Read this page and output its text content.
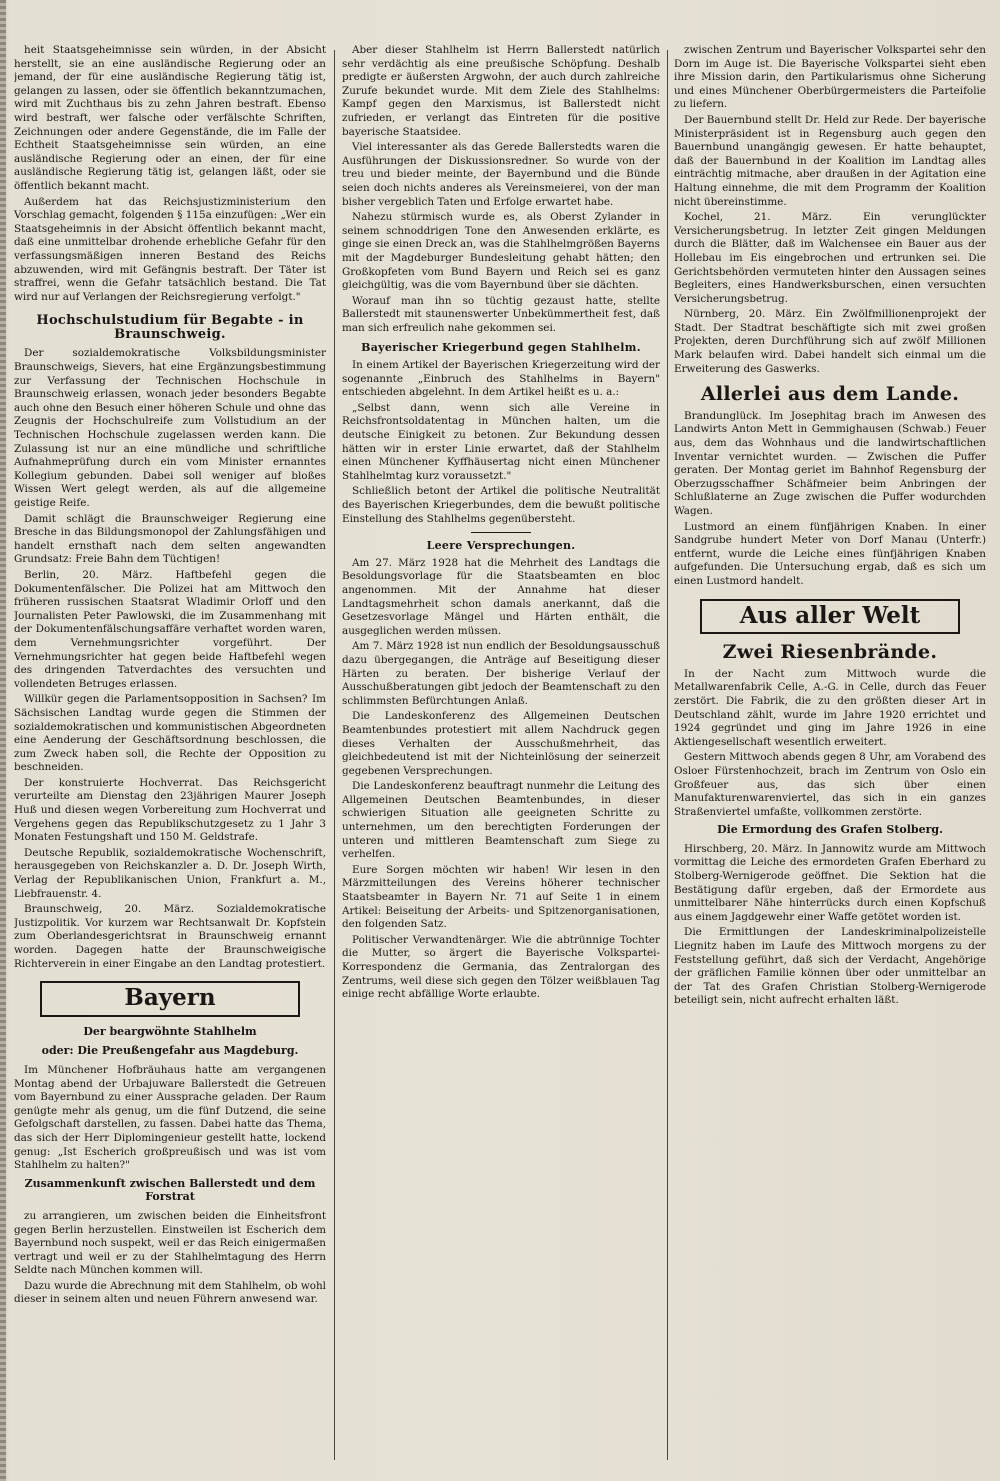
heit Staatsgeheimnisse sein würden, in der Absicht herstellt, sie an eine ausländische Regierung oder an jemand, der für eine ausländische Regierung tätig ist, gelangen zu lassen, oder sie öffentlich bekanntzumachen, wird mit Zuchthaus bis zu zehn Jahren bestraft. Ebenso wird bestraft, wer falsche oder verfälschte Schriften, Zeichnungen oder andere Gegenstände, die im Falle der Echtheit Staatsgeheimnisse sein würden, an eine ausländische Regierung oder an einen, der für eine ausländische Regierung tätig ist, gelangen läßt, oder sie öffentlich bekannt macht.

Außerdem hat das Reichsjustizministerium den Vorschlag gemacht, folgenden § 115a einzufügen: „Wer ein Staatsgeheimnis in der Absicht öffentlich bekannt macht, daß eine unmittelbar drohende erhebliche Gefahr für den verfassungsmäßigen inneren Bestand des Reichs abzuwenden, wird mit Gefängnis bestraft. Der Täter ist straffrei, wenn die Gefahr tatsächlich bestand. Die Tat wird nur auf Verlangen der Reichsregierung verfolgt."

Hochschulstudium für Begabte - in Braunschweig.

Der sozialdemokratische Volksbildungsminister Braunschweigs, Sievers, hat eine Ergänzungsbestimmung zur Verfassung der Technischen Hochschule in Braunschweig erlassen, wonach jeder besonders Begabte auch ohne den Besuch einer höheren Schule und ohne das Zeugnis der Hochschulreife zum Vollstudium an der Technischen Hochschule zugelassen werden kann. Die Zulassung ist nur an eine mündliche und schriftliche Aufnahmeprüfung durch ein vom Minister ernanntes Kollegium gebunden. Dabei soll weniger auf bloßes Wissen Wert gelegt werden, als auf die allgemeine geistige Reife.

Damit schlägt die Braunschweiger Regierung eine Bresche in das Bildungsmonopol der Zahlungsfähigen und handelt ernsthaft nach dem selten angewandten Grundsatz: Freie Bahn dem Tüchtigen!

Berlin, 20. März. Haftbefehl gegen die Dokumentenfälscher. Die Polizei hat am Mittwoch den früheren russischen Staatsrat Wladimir Orloff und den Journalisten Peter Pawlowski, die im Zusammenhang mit der Dokumentenfälschungsaffäre verhaftet worden waren, dem Vernehmungsrichter vorgeführt. Der Vernehmungsrichter hat gegen beide Haftbefehl wegen des dringenden Tatverdachtes des versuchten und vollendeten Betruges erlassen.

Willkür gegen die Parlamentsopposition in Sachsen? Im Sächsischen Landtag wurde gegen die Stimmen der sozialdemokratischen und kommunistischen Abgeordneten eine Aenderung der Geschäftsordnung beschlossen, die zum Zweck haben soll, die Rechte der Opposition zu beschneiden.

Der konstruierte Hochverrat. Das Reichsgericht verurteilte am Dienstag den 23jährigen Maurer Joseph Huß und diesen wegen Vorbereitung zum Hochverrat und Vergehens gegen das Republikschutzgesetz zu 1 Jahr 3 Monaten Festungshaft und 150 M. Geldstrafe.

Deutsche Republik, sozialdemokratische Wochenschrift, herausgegeben von Reichskanzler a. D. Dr. Joseph Wirth, Verlag der Republikanischen Union, Frankfurt a. M., Liebfrauenstr. 4.

Braunschweig, 20. März. Sozialdemokratische Justizpolitik. Vor kurzem war Rechtsanwalt Dr. Kopfstein zum Oberlandesgerichtsrat in Braunschweig ernannt worden. Dagegen hatte der Braunschweigische Richterverein in einer Eingabe an den Landtag protestiert.

Bayern
Der beargwöhnte Stahlhelm
oder: Die Preußengefahr aus Magdeburg.

Im Münchener Hofbräuhaus hatte am vergangenen Montag abend der Urbajuware Ballerstedt die Getreuen vom Bayernbund zu einer Aussprache geladen. Der Raum genügte mehr als genug, um die fünf Dutzend, die seine Gefolgschaft darstellen, zu fassen. Dabei hatte das Thema, das sich der Herr Diplomingenieur gestellt hatte, lockend genug: „Ist Escherich großpreußisch und was ist vom Stahlhelm zu halten?"

Zusammenkunft zwischen Ballerstedt und dem Forstrat

zu arrangieren, um zwischen beiden die Einheitsfront gegen Berlin herzustellen. Einstweilen ist Escherich dem Bayernbund noch suspekt, weil er das Reich einigermaßen vertragt und weil er zu der Stahlhelmtagung des Herrn Seldte nach München kommen will.

Dazu wurde die Abrechnung mit dem Stahlhelm, ob wohl dieser in seinem alten und neuen Führern anwesend war.

Aber dieser Stahlhelm ist Herrn Ballerstedt natürlich sehr verdächtig als eine preußische Schöpfung. Deshalb predigte er äußersten Argwohn, der auch durch zahlreiche Zurufe bekundet wurde. Mit dem Ziele des Stahlhelms: Kampf gegen den Marxismus, ist Ballerstedt nicht zufrieden, er verlangt das Eintreten für die positive bayerische Staatsidee.

Viel interessanter als das Gerede Ballerstedts waren die Ausführungen der Diskussionsredner. So wurde von der treu und bieder meinte, der Bayernbund und die Bünde seien doch nichts anderes als Vereinsmeierei, von der man bisher vergeblich Taten und Erfolge erwartet habe.

Nahezu stürmisch wurde es, als Oberst Zylander in seinem schnoddrigen Tone den Anwesenden erklärte, es ginge sie einen Dreck an, was die Stahlhelmgrößen Bayerns mit der Magdeburger Bundesleitung gehabt hätten; den Großkopfeten vom Bund Bayern und Reich sei es ganz gleichgültig, was die vom Bayernbund über sie dächten.

Worauf man ihn so tüchtig gezaust hatte, stellte Ballerstedt mit staunenswerter Unbekümmertheit fest, daß man sich erfreulich nahe gekommen sei.

Bayerischer Kriegerbund gegen Stahlhelm.

In einem Artikel der Bayerischen Kriegerzeitung wird der sogenannte „Einbruch des Stahlhelms in Bayern" entschieden abgelehnt. In dem Artikel heißt es u. a.:

„Selbst dann, wenn sich alle Vereine in Reichsfrontsoldatentag in München halten, um die deutsche Einigkeit zu betonen. Zur Bekundung dessen hätten wir in erster Linie erwartet, daß der Stahlhelm einen Münchener Kyffhäusertag nicht einen Münchener Stahlhelmtag kurz voraussetzt."

Schließlich betont der Artikel die politische Neutralität des Bayerischen Kriegerbundes, dem die bewußt politische Einstellung des Stahlhelms gegenübersteht.

Leere Versprechungen.

Am 27. März 1928 hat die Mehrheit des Landtags die Besoldungsvorlage für die Staatsbeamten en bloc angenommen. Mit der Annahme hat dieser Landtagsmehrheit schon damals anerkannt, daß die Gesetzesvorlage Mängel und Härten enthält, die ausgeglichen werden müssen.

Am 7. März 1928 ist nun endlich der Besoldungsausschuß dazu übergegangen, die Anträge auf Beseitigung dieser Härten zu beraten. Der bisherige Verlauf der Ausschußberatungen gibt jedoch der Beamtenschaft zu den schlimmsten Befürchtungen Anlaß.

Die Landeskonferenz des Allgemeinen Deutschen Beamtenbundes protestiert mit allem Nachdruck gegen dieses Verhalten der Ausschußmehrheit, das gleichbedeutend ist mit der Nichteinlösung der seinerzeit gegebenen Versprechungen.

Die Landeskonferenz beauftragt nunmehr die Leitung des Allgemeinen Deutschen Beamtenbundes, in dieser schwierigen Situation alle geeigneten Schritte zu unternehmen, um den berechtigten Forderungen der unteren und mittleren Beamtenschaft zum Siege zu verhelfen.

Eure Sorgen möchten wir haben! Wir lesen in den Märzmitteilungen des Vereins höherer technischer Staatsbeamter in Bayern Nr. 71 auf Seite 1 in einem Artikel: Beiseitung der Arbeits- und Spitzenorganisationen, den folgenden Satz.

Politischer Verwandtenärger. Wie die abtrünnige Tochter die Mutter, so ärgert die Bayerische Volkspartei-Korrespondenz die Germania, das Zentralorgan des Zentrums, weil diese sich gegen den Tölzer weißblauen Tag einige recht abfällige Worte erlaubte.

zwischen Zentrum und Bayerischer Volkspartei sehr den Dorn im Auge ist. Die Bayerische Volkspartei sieht eben ihre Mission darin, den Partikularismus ohne Sicherung und eines Münchener Oberbürgermeisters die Parteifolie zu liefern.

Der Bauernbund stellt Dr. Held zur Rede. Der bayerische Ministerpräsident ist in Regensburg auch gegen den Bauernbund unangängig gewesen. Er hatte behauptet, daß der Bauernbund in der Koalition im Landtag alles einträchtig mitmache, aber draußen in der Agitation eine Haltung einnehme, die mit dem Programm der Koalition nicht übereinstimme.

Kochel, 21. März. Ein verunglückter Versicherungsbetrug. In letzter Zeit gingen Meldungen durch die Blätter, daß im Walchensee ein Bauer aus der Hollebau im Eis eingebrochen und ertrunken sei. Die Gerichtsbehörden vermuteten hinter den Aussagen seines Begleiters, eines Handwerksburschen, einen versuchten Versicherungsbetrug.

Nürnberg, 20. März. Ein Zwölfmillionenprojekt der Stadt. Der Stadtrat beschäftigte sich mit zwei großen Projekten, deren Durchführung sich auf zwölf Millionen Mark belaufen wird. Dabei handelt sich einmal um die Erweiterung des Gaswerks.

Allerlei aus dem Lande.

Brandunglück. Im Josephitag brach im Anwesen des Landwirts Anton Mett in Gemmighausen (Schwab.) Feuer aus, dem das Wohnhaus und die landwirtschaftlichen Inventar vernichtet wurden. — Zwischen die Puffer geraten. Der Montag geriet im Bahnhof Regensburg der Oberzugsschaffner Schäfmeier beim Anbringen der Schlußlaterne an Zuge zwischen die Puffer wodurchden Wagen.

Lustmord an einem fünfjährigen Knaben. In einer Sandgrube hundert Meter von Dorf Manau (Unterfr.) entfernt, wurde die Leiche eines fünfjährigen Knaben aufgefunden. Die Untersuchung ergab, daß es sich um einen Lustmord handelt.

Aus aller Welt
Zwei Riesenbrände.

In der Nacht zum Mittwoch wurde die Metallwarenfabrik Celle, A.-G. in Celle, durch das Feuer zerstört. Die Fabrik, die zu den größten dieser Art in Deutschland zählt, wurde im Jahre 1920 errichtet und 1924 gegründet und ging im Jahre 1926 in eine Aktiengesellschaft wesentlich erweitert.

Gestern Mittwoch abends gegen 8 Uhr, am Vorabend des Osloer Fürstenhochzeit, brach im Zentrum von Oslo ein Großfeuer aus, das sich über einen Manufakturenwarenviertel, das sich in ein ganzes Straßenviertel umfaßte, vollkommen zerstörte.

Die Ermordung des Grafen Stolberg.

Hirschberg, 20. März. In Jannowitz wurde am Mittwoch vormittag die Leiche des ermordeten Grafen Eberhard zu Stolberg-Wernigerode geöffnet. Die Sektion hat die Bestätigung dafür ergeben, daß der Ermordete aus unmittelbarer Nähe hinterrücks durch einen Kopfschuß aus einem Jagdgewehr einer Waffe getötet worden ist.

Die Ermittlungen der Landeskriminalpolizeistelle Liegnitz haben im Laufe des Mittwoch morgens zu der Feststellung geführt, daß sich der Verdacht, Angehörige der gräflichen Familie können über oder unmittelbar an der Tat des Grafen Christian Stolberg-Wernigerode beteiligt sein, nicht aufrecht erhalten läßt.
